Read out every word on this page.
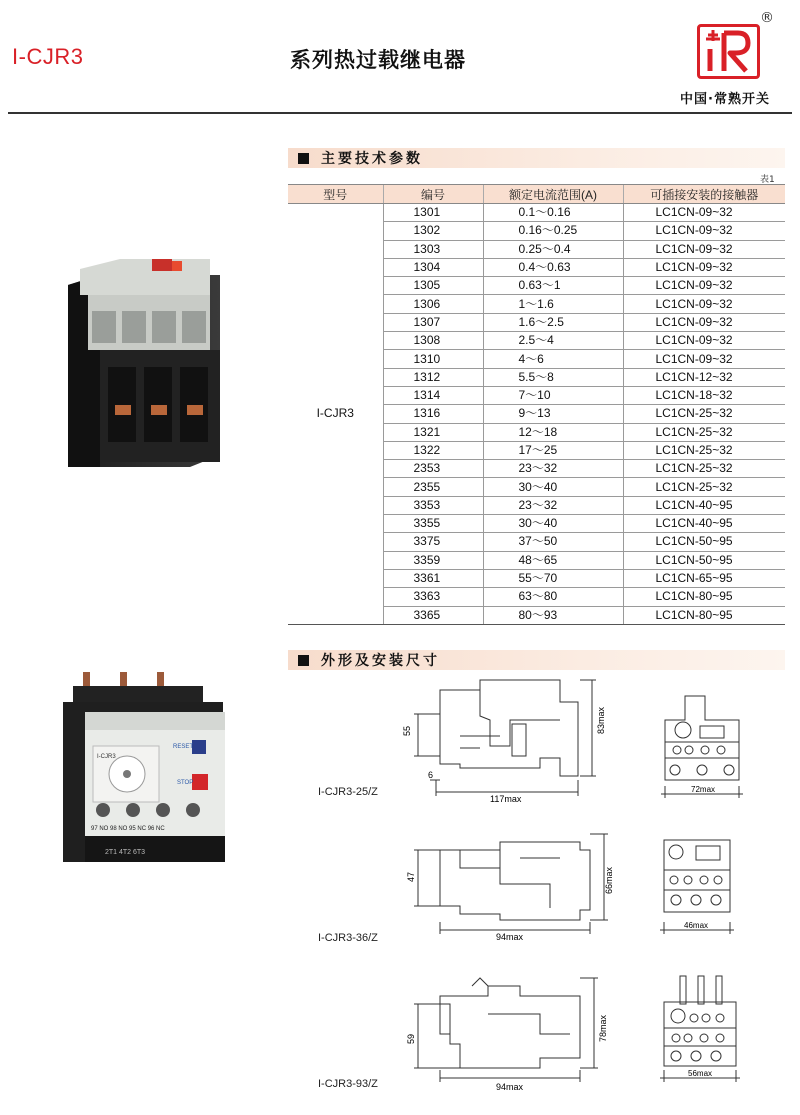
I-CJR3	系列热过载继电器
®
中国·常熟开关
主要技术参数
表1
型号	编号	额定电流范围(A)	可插接安装的接触器
I-CJR3	1301	0.1～0.16	LC1CN-09~32
	1302	0.16～0.25	LC1CN-09~32
	1303	0.25～0.4	LC1CN-09~32
	1304	0.4～0.63	LC1CN-09~32
	1305	0.63～1	LC1CN-09~32
	1306	1～1.6	LC1CN-09~32
	1307	1.6～2.5	LC1CN-09~32
	1308	2.5～4	LC1CN-09~32
	1310	4～6	LC1CN-09~32
	1312	5.5～8	LC1CN-12~32
	1314	7～10	LC1CN-18~32
	1316	9～13	LC1CN-25~32
	1321	12～18	LC1CN-25~32
	1322	17～25	LC1CN-25~32
	2353	23～32	LC1CN-25~32
	2355	30～40	LC1CN-25~32
	3353	23～32	LC1CN-40~95
	3355	30～40	LC1CN-40~95
	3375	37～50	LC1CN-50~95
	3359	48～65	LC1CN-50~95
	3361	55～70	LC1CN-65~95
	3363	63～80	LC1CN-80~95
	3365	80～93	LC1CN-80~95
RESET
STOP
I-CJR3
97 NO 98 NO 95 NC 96 NC
2T1 4T2 6T3
外形及安装尺寸
55
6
83max
117max
72max
I-CJR3-25/Z
47	66max
94max
46max
I-CJR3-36/Z
59	78max
94max
56max
I-CJR3-93/Z
